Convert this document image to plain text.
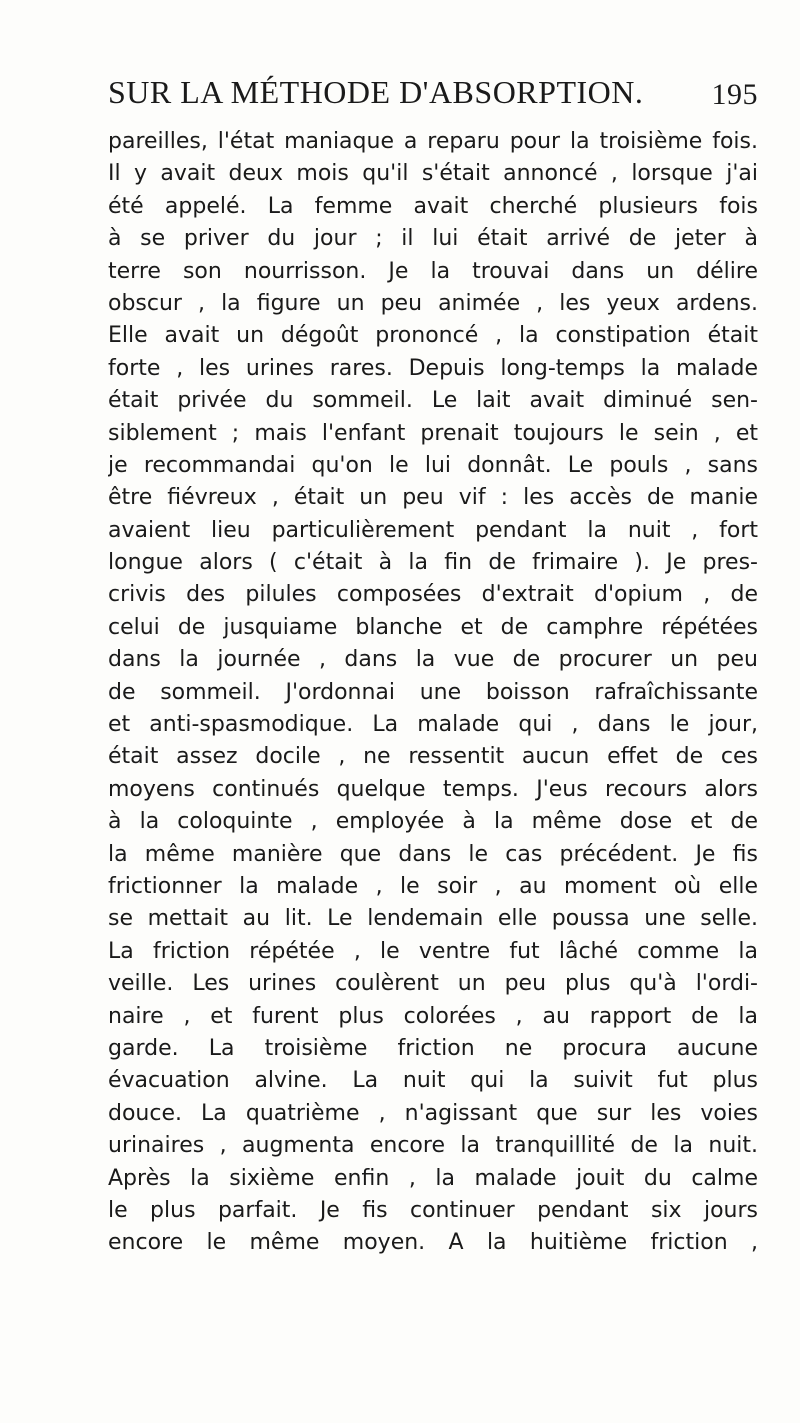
SUR LA MÉTHODE D'ABSORPTION. 195
pareilles, l'état maniaque a reparu pour la troisième fois.
Il y avait deux mois qu'il s'était annoncé , lorsque j'ai
été appelé. La femme avait cherché plusieurs fois
à se priver du jour ; il lui était arrivé de jeter à
terre son nourrisson. Je la trouvai dans un délire
obscur , la figure un peu animée , les yeux ardens.
Elle avait un dégoût prononcé , la constipation était
forte , les urines rares. Depuis long-temps la malade
était privée du sommeil. Le lait avait diminué sen-
siblement ; mais l'enfant prenait toujours le sein , et
je recommandai qu'on le lui donnât. Le pouls , sans
être fiévreux , était un peu vif : les accès de manie
avaient lieu particulièrement pendant la nuit , fort
longue alors ( c'était à la fin de frimaire ). Je pres-
crivis des pilules composées d'extrait d'opium , de
celui de jusquiame blanche et de camphre répétées
dans la journée , dans la vue de procurer un peu
de sommeil. J'ordonnai une boisson rafraîchissante
et anti-spasmodique. La malade qui , dans le jour,
était assez docile , ne ressentit aucun effet de ces
moyens continués quelque temps. J'eus recours alors
à la coloquinte , employée à la même dose et de
la même manière que dans le cas précédent. Je fis
frictionner la malade , le soir , au moment où elle
se mettait au lit. Le lendemain elle poussa une selle.
La friction répétée , le ventre fut lâché comme la
veille. Les urines coulèrent un peu plus qu'à l'ordi-
naire , et furent plus colorées , au rapport de la
garde. La troisième friction ne procura aucune
évacuation alvine. La nuit qui la suivit fut plus
douce. La quatrième , n'agissant que sur les voies
urinaires , augmenta encore la tranquillité de la nuit.
Après la sixième enfin , la malade jouit du calme
le plus parfait. Je fis continuer pendant six jours
encore le même moyen. A la huitième friction ,
